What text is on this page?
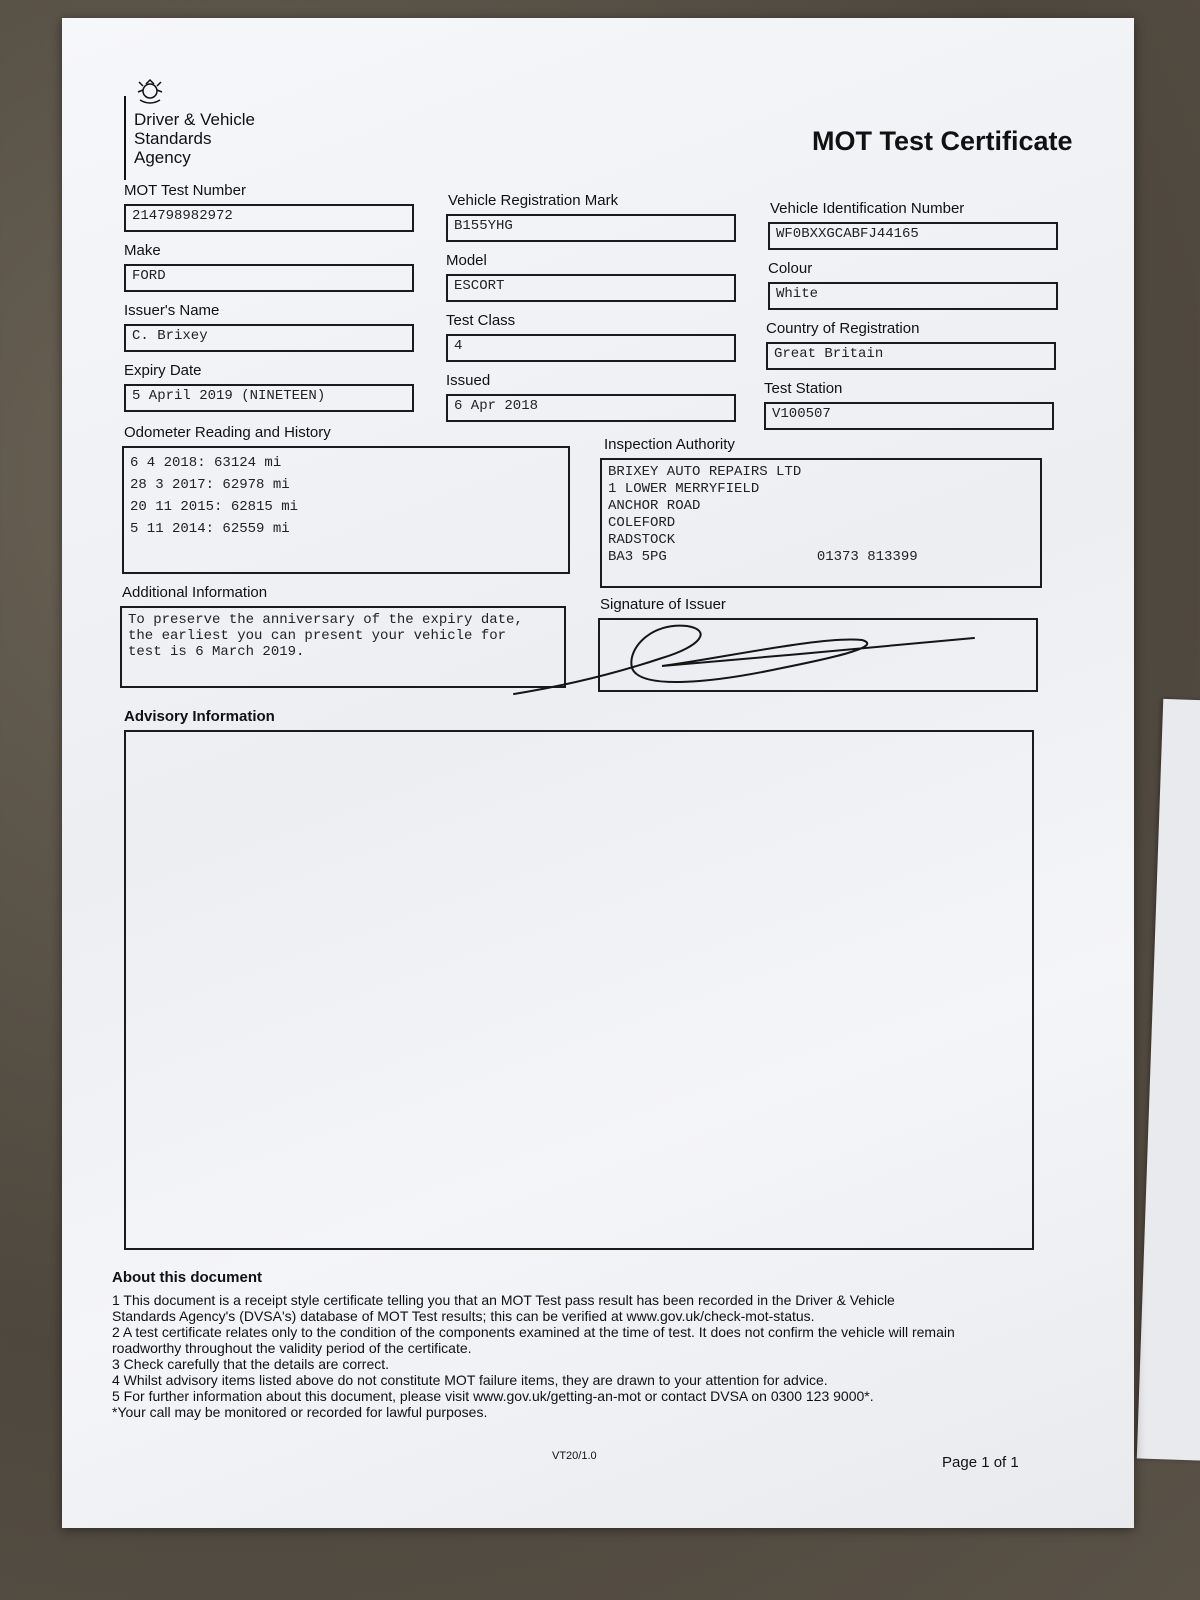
Driver & Vehicle
Standards
Agency
MOT Test Certificate
MOT Test Number
214798982972
Make
FORD
Issuer's Name
C. Brixey
Expiry Date
5 April 2019 (NINETEEN)
Vehicle Registration Mark
B155YHG
Model
ESCORT
Test Class
4
Issued
6 Apr 2018
Vehicle Identification Number
WF0BXXGCABFJ44165
Colour
White
Country of Registration
Great Britain
Test Station
V100507
Odometer Reading and History
6 4 2018: 63124 mi
28 3 2017: 62978 mi
20 11 2015: 62815 mi
5 11 2014: 62559 mi
Inspection Authority
BRIXEY AUTO REPAIRS LTD
1 LOWER MERRYFIELD
ANCHOR ROAD
COLEFORD
RADSTOCK
BA3 5PG	01373 813399
Additional Information
To preserve the anniversary of the expiry date,
the earliest you can present your vehicle for
test is 6 March 2019.
Signature of Issuer
Advisory Information
About this document

1 This document is a receipt style certificate telling you that an MOT Test pass result has been recorded in the Driver & Vehicle

Standards Agency's (DVSA's) database of MOT Test results; this can be verified at www.gov.uk/check-mot-status.

2 A test certificate relates only to the condition of the components examined at the time of test. It does not confirm the vehicle will remain

roadworthy throughout the validity period of the certificate.

3 Check carefully that the details are correct.

4 Whilst advisory items listed above do not constitute MOT failure items, they are drawn to your attention for advice.

5 For further information about this document, please visit www.gov.uk/getting-an-mot or contact DVSA on 0300 123 9000*.

*Your call may be monitored or recorded for lawful purposes.

VT20/1.0	Page 1 of 1
